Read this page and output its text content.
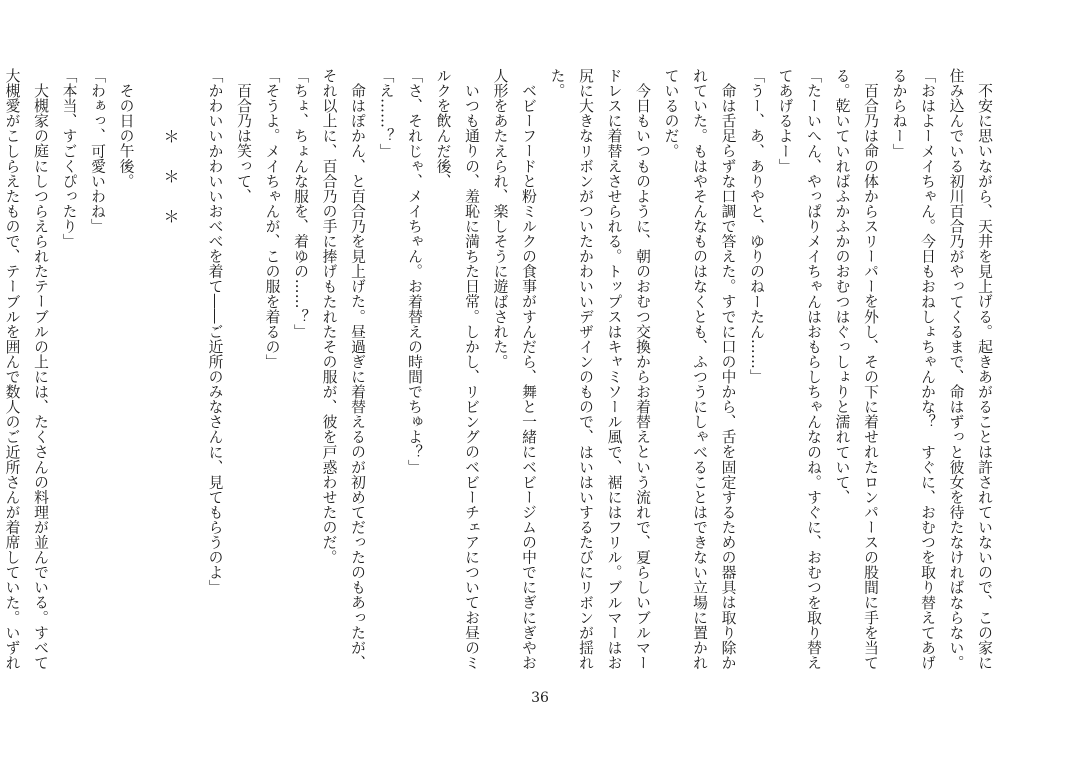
不安に思いながら、天井を見上げる。起きあがることは許されていないので、この家に住み込んでいる初川百合乃がやってくるまで、命はずっと彼女を待たなければならない。

「おはよーメイちゃん。今日もおねしょちゃんかな？　すぐに、おむつを取り替えてあげるからねー」

百合乃は命の体からスリーパーを外し、その下に着せれたロンパースの股間に手を当てる。乾いていればふかふかのおむつはぐっしょりと濡れていて、

「たーいへん、やっぱりメイちゃんはおもらしちゃんなのね。すぐに、おむつを取り替えてあげるよー」

「うー、あ、ありやと、ゆりのねーたん……」

命は舌足らずな口調で答えた。すでに口の中から、舌を固定するための器具は取り除かれていた。もはやそんなものはなくとも、ふつうにしゃべることはできない立場に置かれているのだ。

今日もいつものように、朝のおむつ交換からお着替えという流れで、夏らしいブルマードレスに着替えさせられる。トップスはキャミソール風で、裾にはフリル。ブルマーはお尻に大きなリボンがついたかわいいデザインのもので、はいはいするたびにリボンが揺れた。

ベビーフードと粉ミルクの食事がすんだら、舞と一緒にベビージムの中でにぎにぎやお人形をあたえられ、楽しそうに遊ばされた。

いつも通りの、羞恥に満ちた日常。しかし、リビングのベビーチェアについてお昼のミルクを飲んだ後、

「さ、それじゃ、メイちゃん。お着替えの時間でちゅよ？」

「え……？」

命はぽかん、と百合乃を見上げた。昼過ぎに着替えるのが初めてだったのもあったが、それ以上に、百合乃の手に捧げもたれたその服が、彼を戸惑わせたのだ。

「ちょ、ちょんな服を、着ゆの……？」

「そうよ。メイちゃんが、この服を着るの」

百合乃は笑って、

「かわいいかわいいおべべを着て――ご近所のみなさんに、見てもらうのよ」

＊＊＊

その日の午後。

「わぁっ、可愛いわね」

「本当、すごくぴったり」

大槻家の庭にしつらえられたテーブルの上には、たくさんの料理が並んでいる。すべて大槻愛がこしらえたもので、テーブルを囲んで数人のご近所さんが着席していた。いずれ

36
